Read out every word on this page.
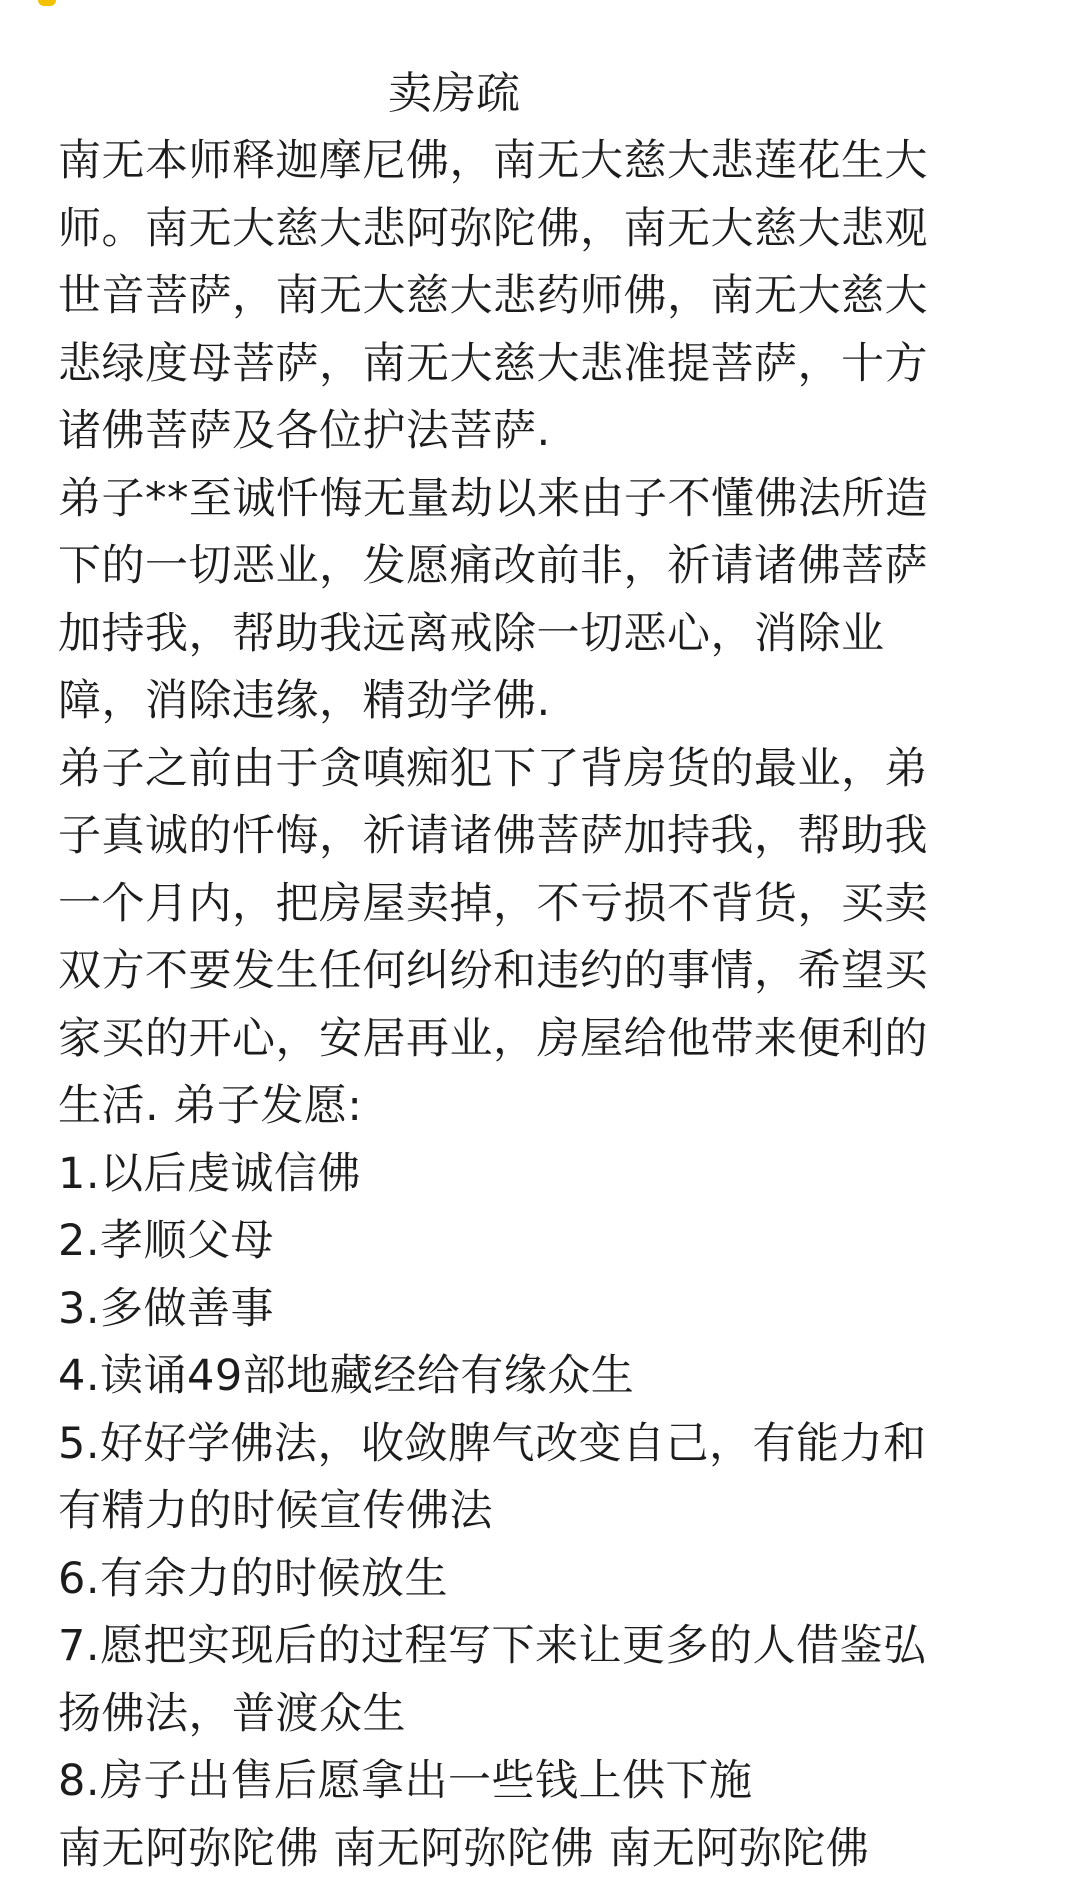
卖房疏
南无本师释迦摩尼佛，南无大慈大悲莲花生大
师。南无大慈大悲阿弥陀佛，南无大慈大悲观
世音菩萨，南无大慈大悲药师佛，南无大慈大
悲绿度母菩萨，南无大慈大悲准提菩萨，十方
诸佛菩萨及各位护法菩萨.
弟子**至诚忏悔无量劫以来由子不懂佛法所造
下的一切恶业，发愿痛改前非，祈请诸佛菩萨
加持我，帮助我远离戒除一切恶心，消除业
障，消除违缘，精劲学佛.
弟子之前由于贪嗔痴犯下了背房货的最业，弟
子真诚的忏悔，祈请诸佛菩萨加持我，帮助我
一个月内，把房屋卖掉，不亏损不背货，买卖
双方不要发生任何纠纷和违约的事情，希望买
家买的开心，安居再业，房屋给他带来便利的
生活. 弟子发愿:
1.以后虔诚信佛
2.孝顺父母
3.多做善事
4.读诵49部地藏经给有缘众生
5.好好学佛法，收敛脾气改变自己，有能力和
有精力的时候宣传佛法
6.有余力的时候放生
7.愿把实现后的过程写下来让更多的人借鉴弘
扬佛法，普渡众生
8.房子出售后愿拿出一些钱上供下施
南无阿弥陀佛 南无阿弥陀佛 南无阿弥陀佛
